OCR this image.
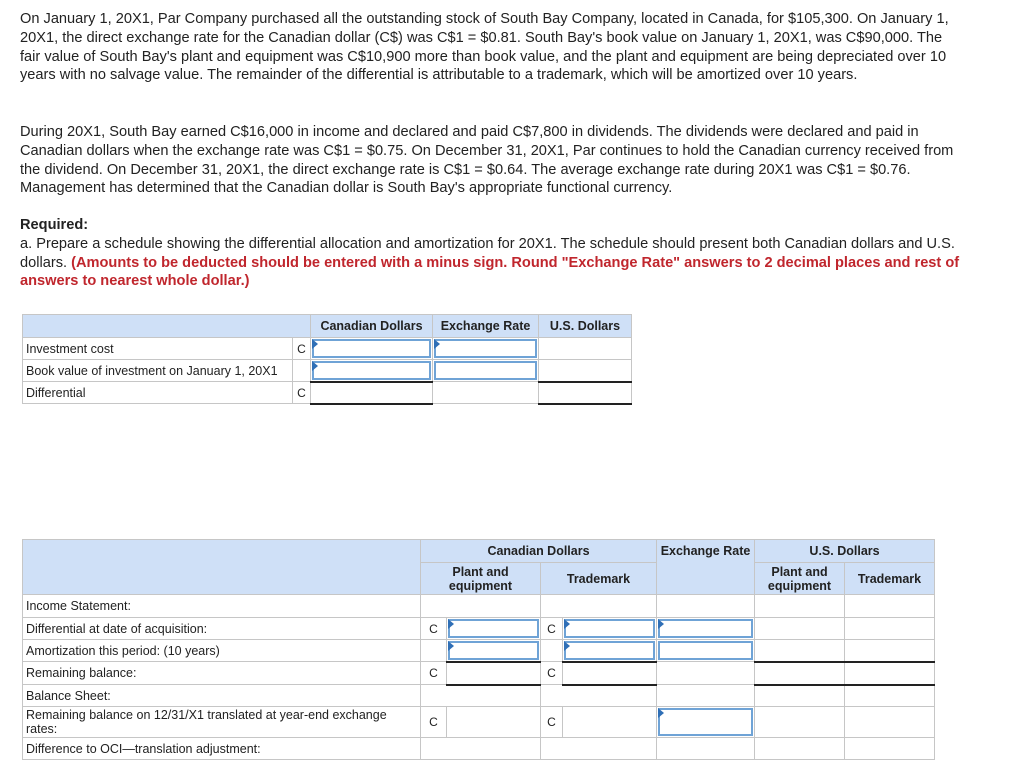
On January 1, 20X1, Par Company purchased all the outstanding stock of South Bay Company, located in Canada, for $105,300. On January 1, 20X1, the direct exchange rate for the Canadian dollar (C$) was C$1 = $0.81. South Bay's book value on January 1, 20X1, was C$90,000. The fair value of South Bay's plant and equipment was C$10,900 more than book value, and the plant and equipment are being depreciated over 10 years with no salvage value. The remainder of the differential is attributable to a trademark, which will be amortized over 10 years.

During 20X1, South Bay earned C$16,000 in income and declared and paid C$7,800 in dividends. The dividends were declared and paid in Canadian dollars when the exchange rate was C$1 = $0.75. On December 31, 20X1, Par continues to hold the Canadian currency received from the dividend. On December 31, 20X1, the direct exchange rate is C$1 = $0.64. The average exchange rate during 20X1 was C$1 = $0.76. Management has determined that the Canadian dollar is South Bay's appropriate functional currency.

Required:
a. Prepare a schedule showing the differential allocation and amortization for 20X1. The schedule should present both Canadian dollars and U.S. dollars. (Amounts to be deducted should be entered with a minus sign. Round "Exchange Rate" answers to 2 decimal places and rest of answers to nearest whole dollar.)

		Canadian Dollars	Exchange Rate	U.S. Dollars
Investment cost	C	

Book value of investment on January 1, 20X1		

Differential	C			
	Canadian Dollars				Exchange Rate	U.S. Dollars	
	Plant and equipment		Trademark			Plant and equipment	Trademark
Income Statement:							
Differential at date of acquisition:	C		C	

Amortization this period: (10 years)		

Remaining balance:	C		C				
Balance Sheet:							
Remaining balance on 12/31/X1 translated at year-end exchange rates:	C		C		

Difference to OCI—translation adjustment:							
